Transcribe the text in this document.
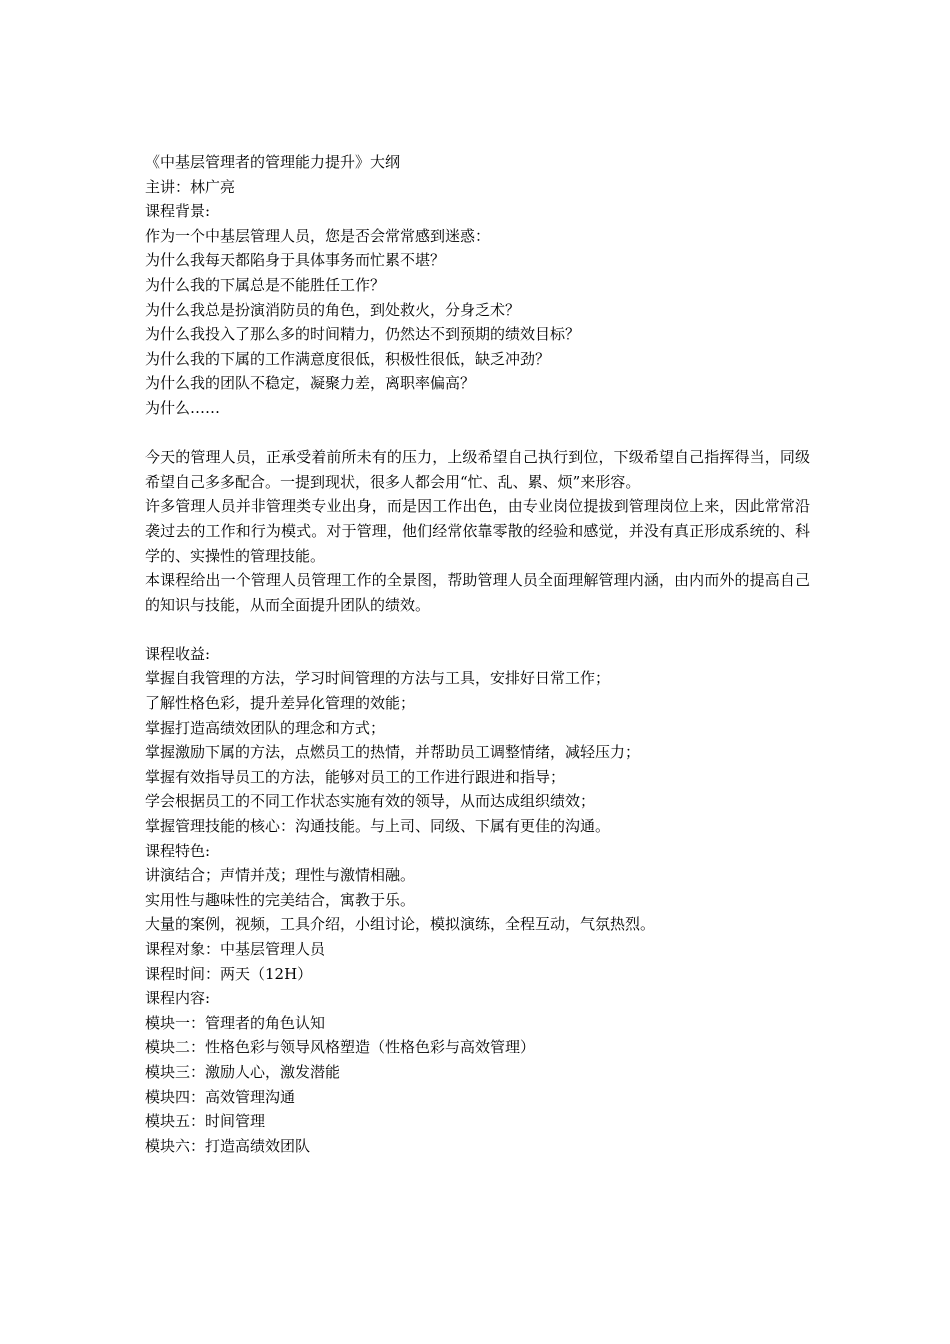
《中基层管理者的管理能力提升》大纲
主讲：林广亮
课程背景:
作为一个中基层管理人员，您是否会常常感到迷惑：
为什么我每天都陷身于具体事务而忙累不堪？
为什么我的下属总是不能胜任工作？
为什么我总是扮演消防员的角色，到处救火，分身乏术？
为什么我投入了那么多的时间精力，仍然达不到预期的绩效目标？
为什么我的下属的工作满意度很低，积极性很低，缺乏冲劲？
为什么我的团队不稳定，凝聚力差，离职率偏高？
为什么……
今天的管理人员，正承受着前所未有的压力，上级希望自己执行到位，下级希望自己指挥得当，同级希望自己多多配合。一提到现状，很多人都会用“忙、乱、累、烦”来形容。
许多管理人员并非管理类专业出身，而是因工作出色，由专业岗位提拔到管理岗位上来，因此常常沿袭过去的工作和行为模式。对于管理，他们经常依靠零散的经验和感觉，并没有真正形成系统的、科学的、实操性的管理技能。
本课程给出一个管理人员管理工作的全景图，帮助管理人员全面理解管理内涵，由内而外的提高自己的知识与技能，从而全面提升团队的绩效。
课程收益:
掌握自我管理的方法，学习时间管理的方法与工具，安排好日常工作；
了解性格色彩，提升差异化管理的效能；
掌握打造高绩效团队的理念和方式；
掌握激励下属的方法，点燃员工的热情，并帮助员工调整情绪，减轻压力；
掌握有效指导员工的方法，能够对员工的工作进行跟进和指导；
学会根据员工的不同工作状态实施有效的领导，从而达成组织绩效；
掌握管理技能的核心：沟通技能。与上司、同级、下属有更佳的沟通。
课程特色:
讲演结合；声情并茂；理性与激情相融。
实用性与趣味性的完美结合，寓教于乐。
大量的案例，视频，工具介绍，小组讨论，模拟演练，全程互动，气氛热烈。
课程对象：中基层管理人员
课程时间：两天（12H）
课程内容:
模块一：管理者的角色认知
模块二：性格色彩与领导风格塑造（性格色彩与高效管理）
模块三：激励人心，激发潜能
模块四：高效管理沟通
模块五：时间管理
模块六：打造高绩效团队
